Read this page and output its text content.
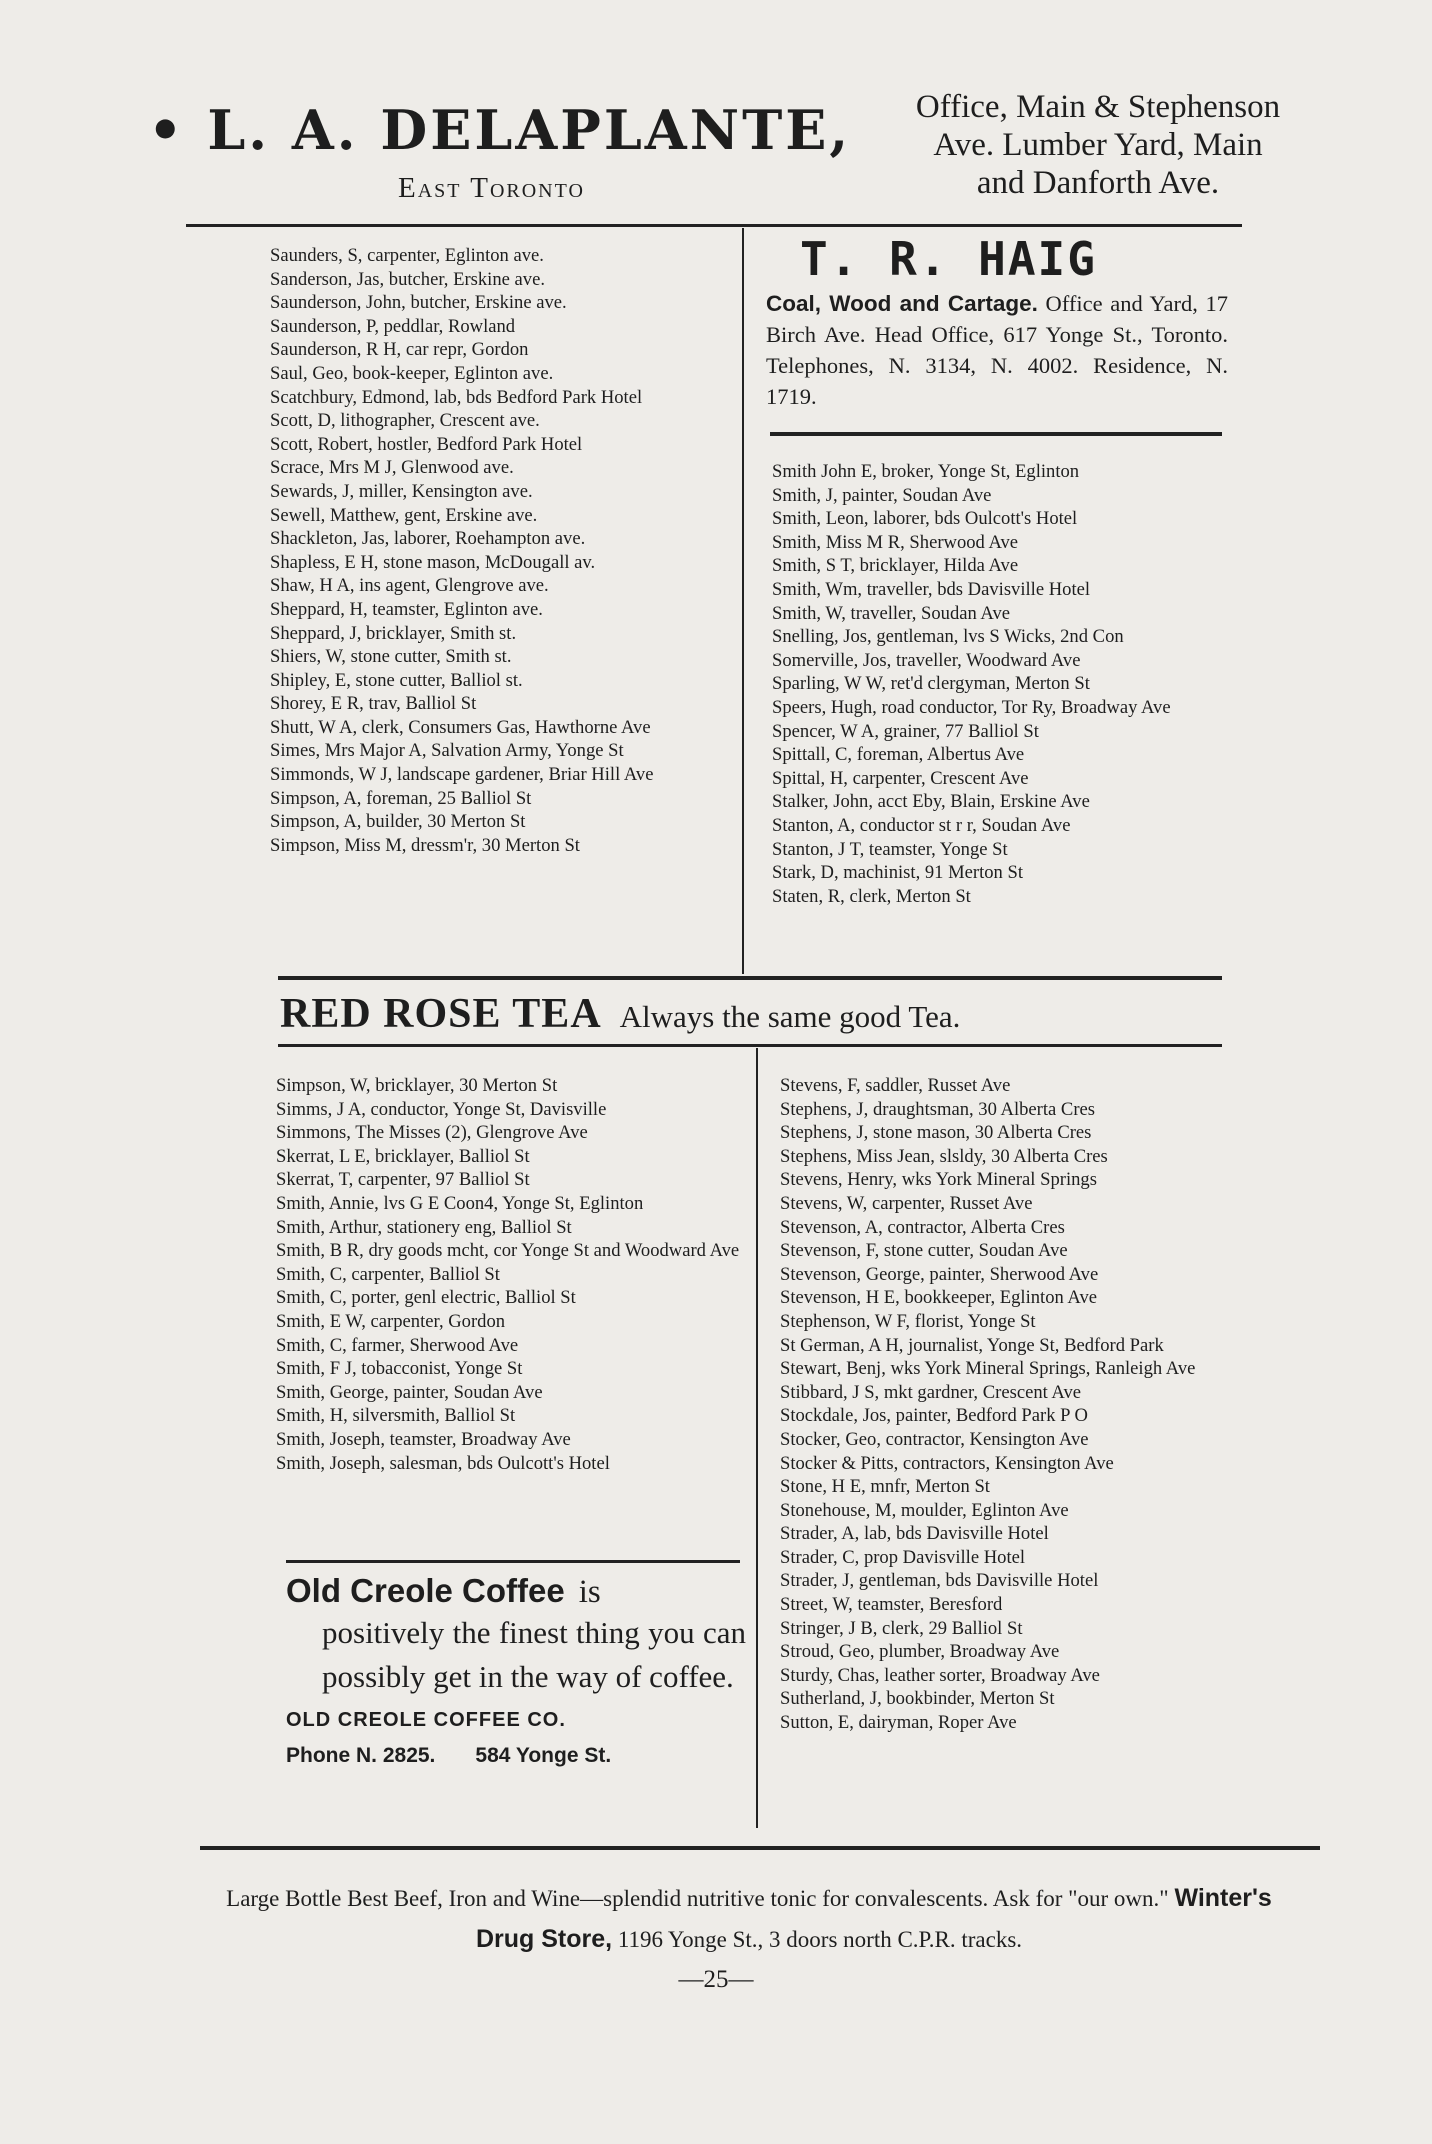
• L. A. DELAPLANTE,
East Toronto
Office, Main & Stephenson
Ave. Lumber Yard, Main
and Danforth Ave.

Saunders, S, carpenter, Eglinton ave.

Sanderson, Jas, butcher, Erskine ave.

Saunderson, John, butcher, Erskine ave.

Saunderson, P, peddlar, Rowland

Saunderson, R H, car repr, Gordon

Saul, Geo, book-keeper, Eglinton ave.

Scatchbury, Edmond, lab, bds Bedford Park Hotel

Scott, D, lithographer, Crescent ave.

Scott, Robert, hostler, Bedford Park Hotel

Scrace, Mrs M J, Glenwood ave.

Sewards, J, miller, Kensington ave.

Sewell, Matthew, gent, Erskine ave.

Shackleton, Jas, laborer, Roehampton ave.

Shapless, E H, stone mason, McDougall av.

Shaw, H A, ins agent, Glengrove ave.

Sheppard, H, teamster, Eglinton ave.

Sheppard, J, bricklayer, Smith st.

Shiers, W, stone cutter, Smith st.

Shipley, E, stone cutter, Balliol st.

Shorey, E R, trav, Balliol St

Shutt, W A, clerk, Consumers Gas, Hawthorne Ave

Simes, Mrs Major A, Salvation Army, Yonge St

Simmonds, W J, landscape gardener, Briar Hill Ave

Simpson, A, foreman, 25 Balliol St

Simpson, A, builder, 30 Merton St

Simpson, Miss M, dressm'r, 30 Merton St

T. R. HAIG
Coal, Wood and Cartage. Office and Yard, 17 Birch Ave. Head Office, 617 Yonge St., Toronto. Telephones, N. 3134, N. 4002. Residence, N. 1719.

Smith John E, broker, Yonge St, Eglinton

Smith, J, painter, Soudan Ave

Smith, Leon, laborer, bds Oulcott's Hotel

Smith, Miss M R, Sherwood Ave

Smith, S T, bricklayer, Hilda Ave

Smith, Wm, traveller, bds Davisville Hotel

Smith, W, traveller, Soudan Ave

Snelling, Jos, gentleman, lvs S Wicks, 2nd Con

Somerville, Jos, traveller, Woodward Ave

Sparling, W W, ret'd clergyman, Merton St

Speers, Hugh, road conductor, Tor Ry, Broadway Ave

Spencer, W A, grainer, 77 Balliol St

Spittall, C, foreman, Albertus Ave

Spittal, H, carpenter, Crescent Ave

Stalker, John, acct Eby, Blain, Erskine Ave

Stanton, A, conductor st r r, Soudan Ave

Stanton, J T, teamster, Yonge St

Stark, D, machinist, 91 Merton St

Staten, R, clerk, Merton St

RED ROSE TEA Always the same good Tea.

Simpson, W, bricklayer, 30 Merton St

Simms, J A, conductor, Yonge St, Davisville

Simmons, The Misses (2), Glengrove Ave

Skerrat, L E, bricklayer, Balliol St

Skerrat, T, carpenter, 97 Balliol St

Smith, Annie, lvs G E Coon4, Yonge St, Eglinton

Smith, Arthur, stationery eng, Balliol St

Smith, B R, dry goods mcht, cor Yonge St and Woodward Ave

Smith, C, carpenter, Balliol St

Smith, C, porter, genl electric, Balliol St

Smith, E W, carpenter, Gordon

Smith, C, farmer, Sherwood Ave

Smith, F J, tobacconist, Yonge St

Smith, George, painter, Soudan Ave

Smith, H, silversmith, Balliol St

Smith, Joseph, teamster, Broadway Ave

Smith, Joseph, salesman, bds Oulcott's Hotel

Old Creole Coffee is
positively the finest thing you can possibly get in the way of coffee.
OLD CREOLE COFFEE CO.
Phone N. 2825. 584 Yonge St.

Stevens, F, saddler, Russet Ave

Stephens, J, draughtsman, 30 Alberta Cres

Stephens, J, stone mason, 30 Alberta Cres

Stephens, Miss Jean, slsldy, 30 Alberta Cres

Stevens, Henry, wks York Mineral Springs

Stevens, W, carpenter, Russet Ave

Stevenson, A, contractor, Alberta Cres

Stevenson, F, stone cutter, Soudan Ave

Stevenson, George, painter, Sherwood Ave

Stevenson, H E, bookkeeper, Eglinton Ave

Stephenson, W F, florist, Yonge St

St German, A H, journalist, Yonge St, Bedford Park

Stewart, Benj, wks York Mineral Springs, Ranleigh Ave

Stibbard, J S, mkt gardner, Crescent Ave

Stockdale, Jos, painter, Bedford Park P O

Stocker, Geo, contractor, Kensington Ave

Stocker & Pitts, contractors, Kensington Ave

Stone, H E, mnfr, Merton St

Stonehouse, M, moulder, Eglinton Ave

Strader, A, lab, bds Davisville Hotel

Strader, C, prop Davisville Hotel

Strader, J, gentleman, bds Davisville Hotel

Street, W, teamster, Beresford

Stringer, J B, clerk, 29 Balliol St

Stroud, Geo, plumber, Broadway Ave

Sturdy, Chas, leather sorter, Broadway Ave

Sutherland, J, bookbinder, Merton St

Sutton, E, dairyman, Roper Ave

Large Bottle Best Beef, Iron and Wine—splendid nutritive tonic for convalescents. Ask for "our own." Winter's Drug Store, 1196 Yonge St., 3 doors north C.P.R. tracks.
—25—
